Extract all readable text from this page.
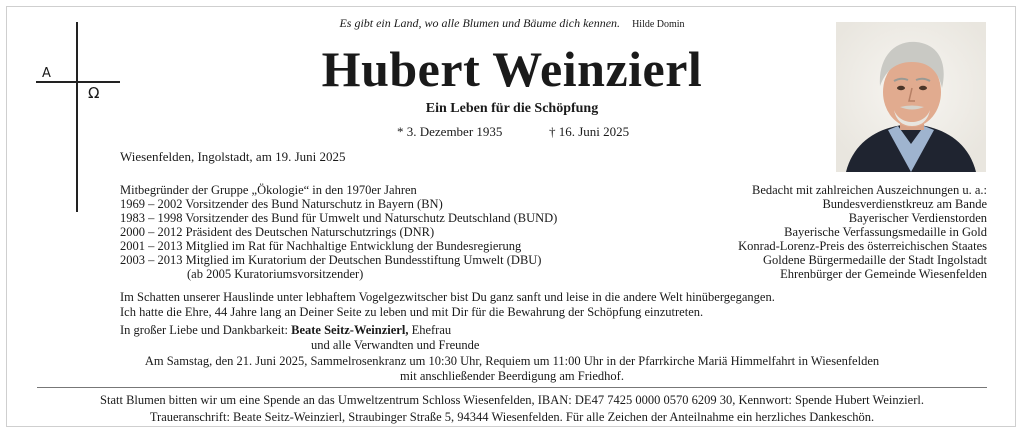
Es gibt ein Land, wo alle Blumen und Bäume dich kennen. Hilde Domin
A
Ω	Hubert Weinzierl
Ein Leben für die Schöpfung
* 3. Dezember 1935	† 16. Juni 2025
Wiesenfelden, Ingolstadt, am 19. Juni 2025
Mitbegründer der Gruppe „Ökologie“ in den 1970er Jahren
1969 – 2002 Vorsitzender des Bund Naturschutz in Bayern (BN)
1983 – 1998 Vorsitzender des Bund für Umwelt und Naturschutz Deutschland (BUND)
2000 – 2012 Präsident des Deutschen Naturschutzrings (DNR)
2001 – 2013 Mitglied im Rat für Nachhaltige Entwicklung der Bundesregierung
2003 – 2013 Mitglied im Kuratorium der Deutschen Bundesstiftung Umwelt (DBU)
(ab 2005 Kuratoriumsvorsitzender)
Bedacht mit zahlreichen Auszeichnungen u. a.:
Bundesverdienstkreuz am Bande
Bayerischer Verdienstorden
Bayerische Verfassungsmedaille in Gold
Konrad-Lorenz-Preis des österreichischen Staates
Goldene Bürgermedaille der Stadt Ingolstadt
Ehrenbürger der Gemeinde Wiesenfelden
Im Schatten unserer Hauslinde unter lebhaftem Vogelgezwitscher bist Du ganz sanft und leise in die andere Welt hinübergegangen.
Ich hatte die Ehre, 44 Jahre lang an Deiner Seite zu leben und mit Dir für die Bewahrung der Schöpfung einzutreten.
In großer Liebe und Dankbarkeit: Beate Seitz-Weinzierl, Ehefrau
und alle Verwandten und Freunde
Am Samstag, den 21. Juni 2025, Sammelrosenkranz um 10:30 Uhr, Requiem um 11:00 Uhr in der Pfarrkirche Mariä Himmelfahrt in Wiesenfelden
mit anschließender Beerdigung am Friedhof.
Statt Blumen bitten wir um eine Spende an das Umweltzentrum Schloss Wiesenfelden, IBAN: DE47 7425 0000 0570 6209 30, Kennwort: Spende Hubert Weinzierl.
Traueranschrift: Beate Seitz-Weinzierl, Straubinger Straße 5, 94344 Wiesenfelden. Für alle Zeichen der Anteilnahme ein herzliches Dankeschön.
